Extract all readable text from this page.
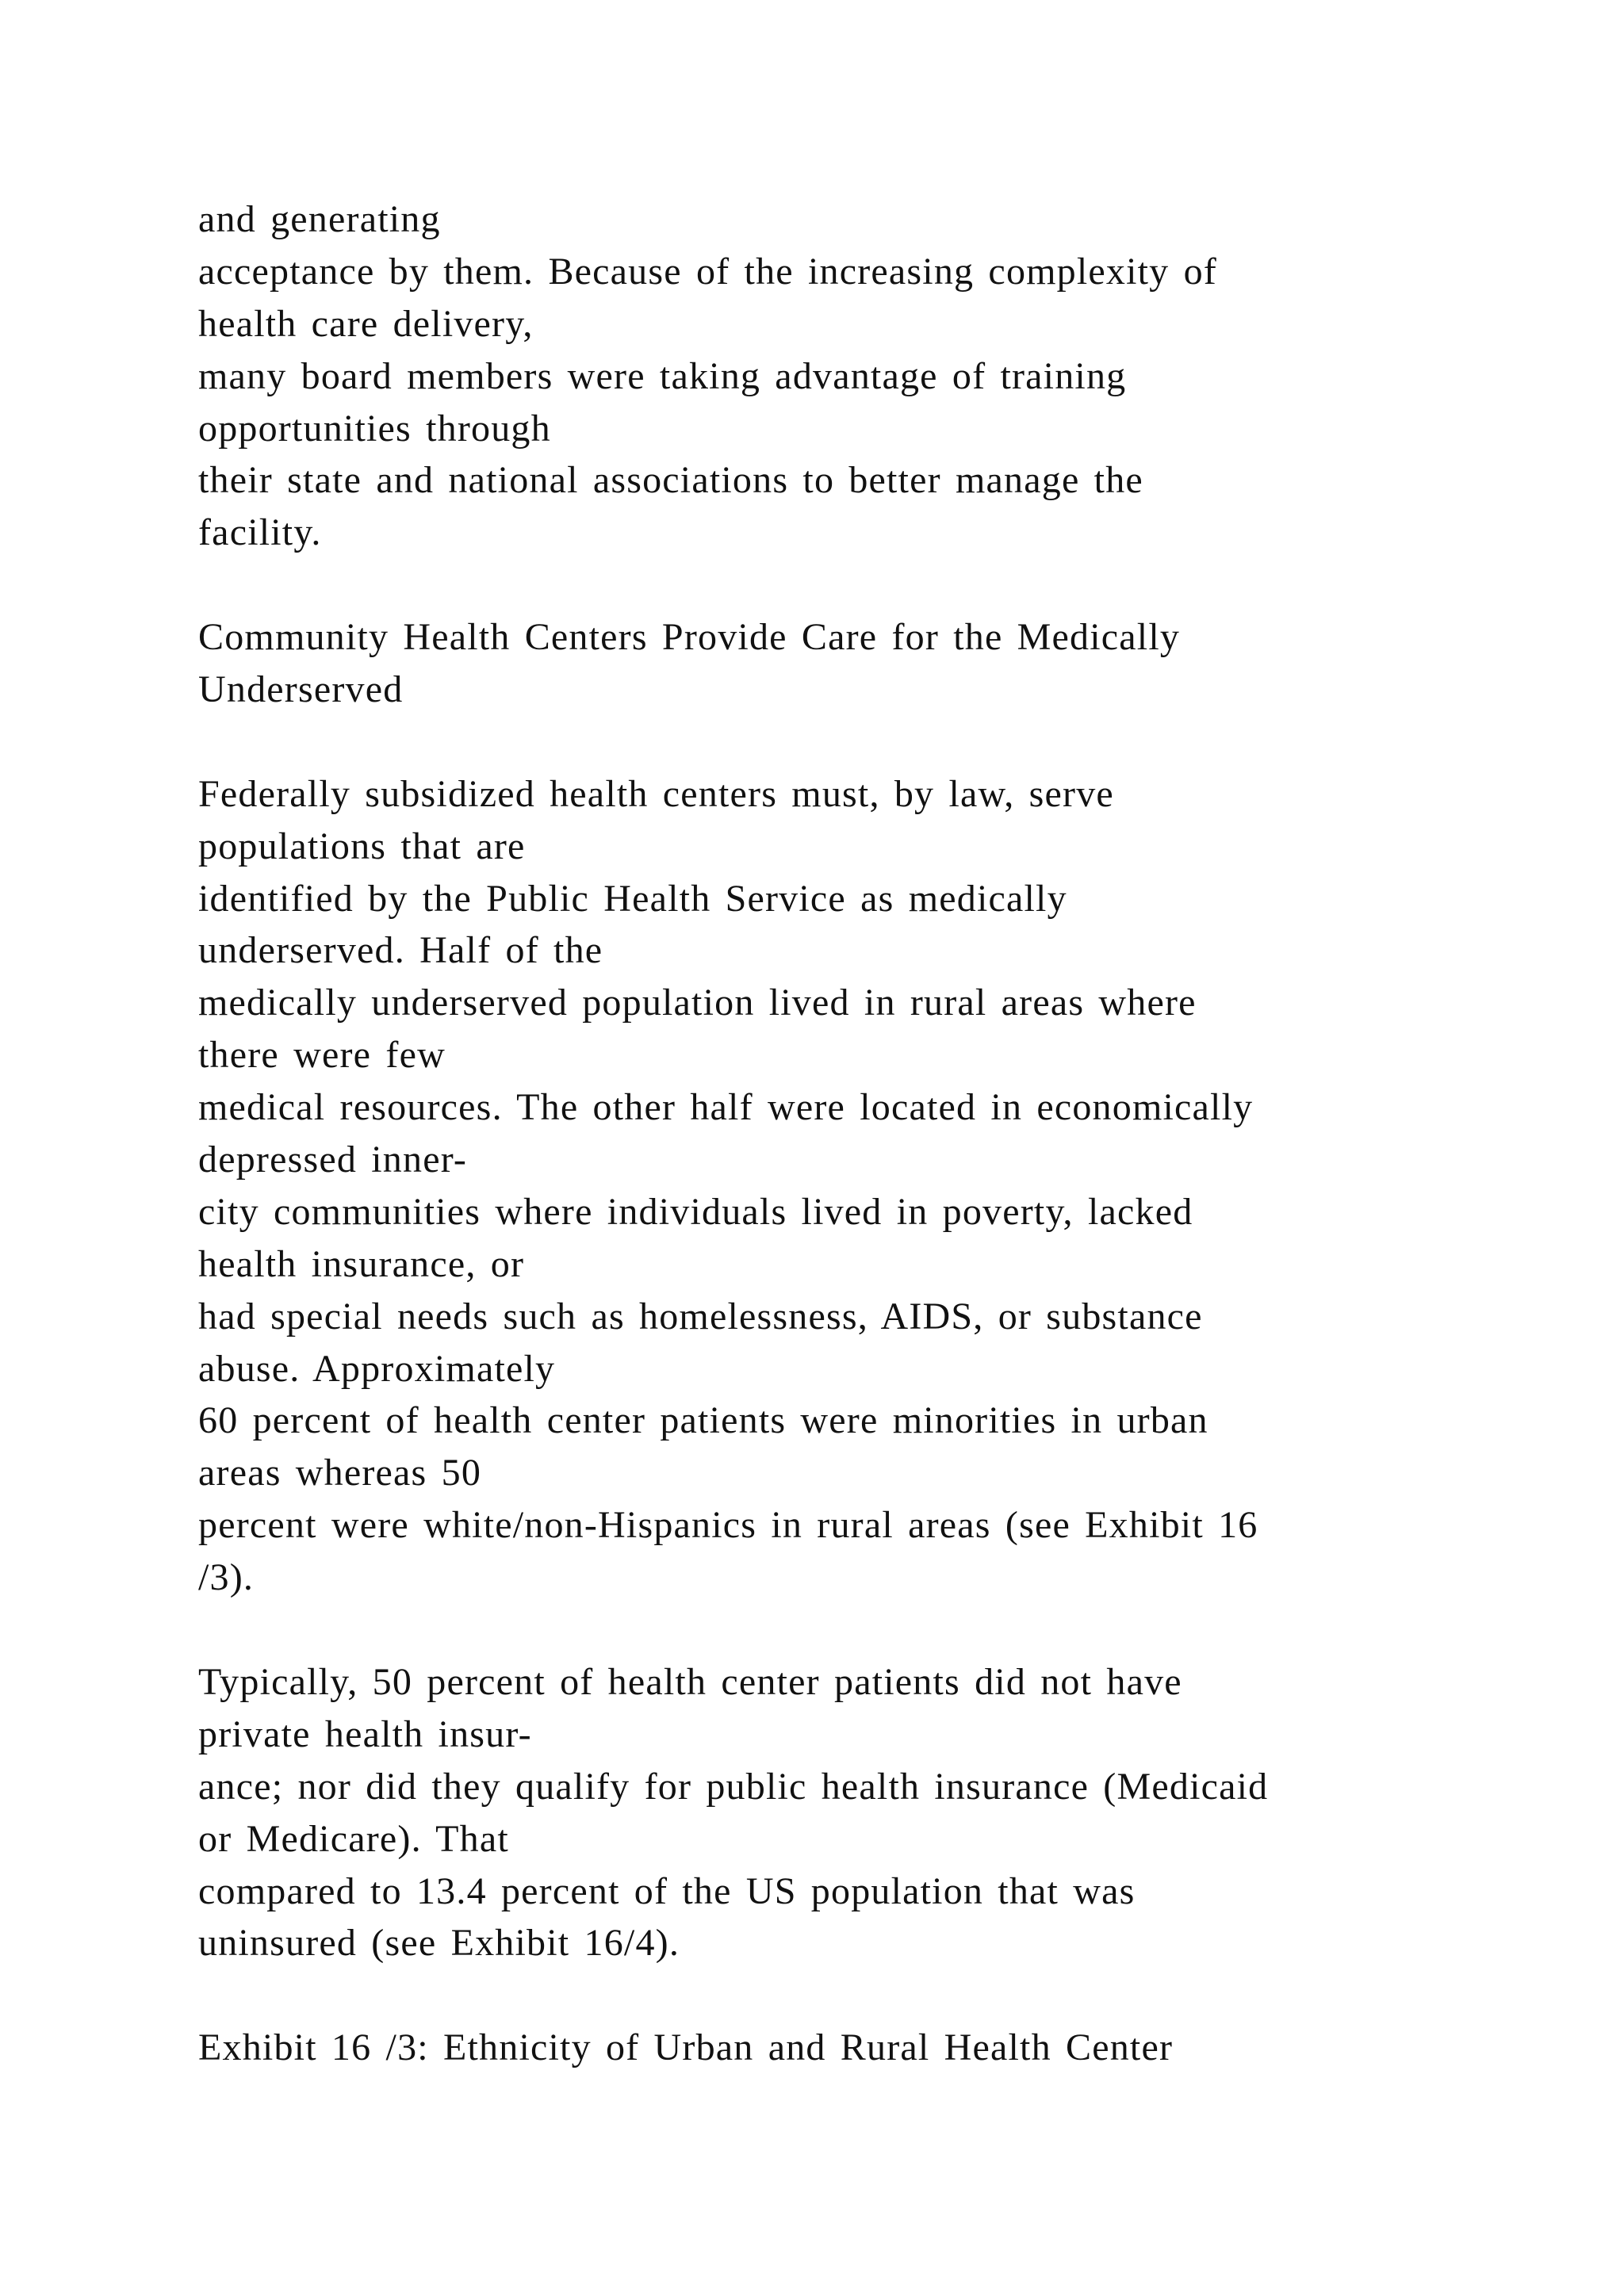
and generating
acceptance by them. Because of the increasing complexity of
health care delivery,
many board members were taking advantage of training
opportunities through
their state and national associations to better manage the
facility.
Community Health Centers Provide Care for the Medically
Underserved
Federally subsidized health centers must, by law, serve
populations that are
identified by the Public Health Service as medically
underserved. Half of the
medically underserved population lived in rural areas where
there were few
medical resources. The other half were located in economically
depressed inner-
city communities where individuals lived in poverty, lacked
health insurance, or
had special needs such as homelessness, AIDS, or substance
abuse. Approximately
60 percent of health center patients were minorities in urban
areas whereas 50
percent were white/non-Hispanics in rural areas (see Exhibit 16
/3).
Typically, 50 percent of health center patients did not have
private health insur-
ance; nor did they qualify for public health insurance (Medicaid
or Medicare). That
compared to 13.4 percent of the US population that was
uninsured (see Exhibit 16/4).
Exhibit 16 /3: Ethnicity of Urban and Rural Health Center
